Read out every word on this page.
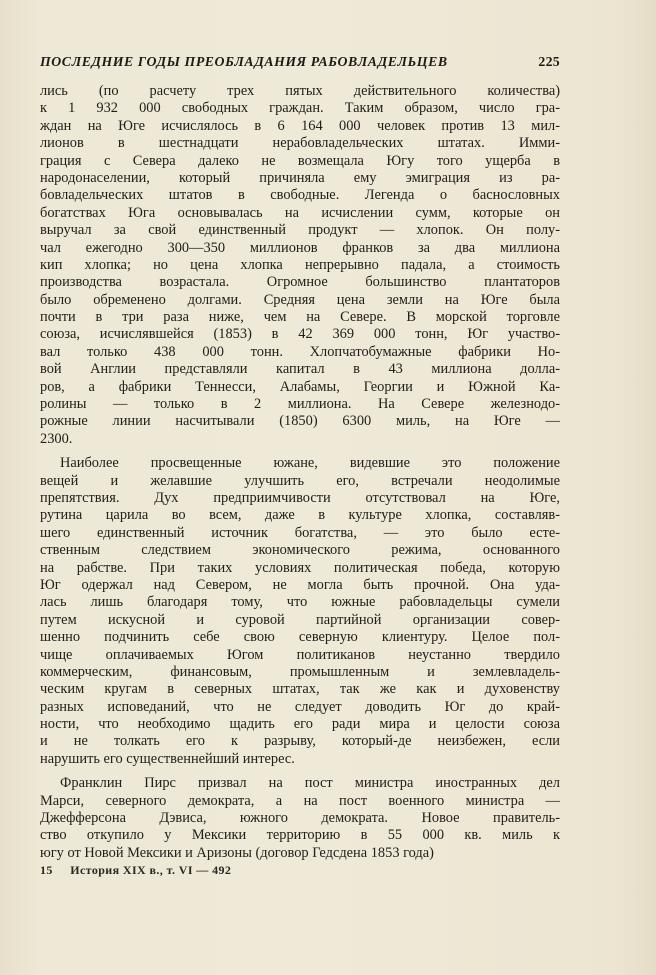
ПОСЛЕДНИЕ ГОДЫ ПРЕОБЛАДАНИЯ РАБОВЛАДЕЛЬЦЕВ	225
лись (по расчету трех пятых действительного количества)
к 1 932 000 свободных граждан. Таким образом, число гра-
ждан на Юге исчислялось в 6 164 000 человек против 13 мил-
лионов в шестнадцати нерабовладельческих штатах. Имми-
грация с Севера далеко не возмещала Югу того ущерба в
народонаселении, который причиняла ему эмиграция из ра-
бовладельческих штатов в свободные. Легенда о баснословных
богатствах Юга основывалась на исчислении сумм, которые он
выручал за свой единственный продукт — хлопок. Он полу-
чал ежегодно 300—350 миллионов франков за два миллиона
кип хлопка; но цена хлопка непрерывно падала, а стоимость
производства возрастала. Огромное большинство плантаторов
было обременено долгами. Средняя цена земли на Юге была
почти в три раза ниже, чем на Севере. В морской торговле
союза, исчислявшейся (1853) в 42 369 000 тонн, Юг участво-
вал только 438 000 тонн. Хлопчатобумажные фабрики Но-
вой Англии представляли капитал в 43 миллиона долла-
ров, а фабрики Теннесси, Алабамы, Георгии и Южной Ка-
ролины — только в 2 миллиона. На Севере железнодо-
рожные линии насчитывали (1850) 6300 миль, на Юге —
2300.
Наиболее просвещенные южане, видевшие это положение
вещей и желавшие улучшить его, встречали неодолимые
препятствия. Дух предприимчивости отсутствовал на Юге,
рутина царила во всем, даже в культуре хлопка, составляв-
шего единственный источник богатства, — это было есте-
ственным следствием экономического режима, основанного
на рабстве. При таких условиях политическая победа, которую
Юг одержал над Севером, не могла быть прочной. Она уда-
лась лишь благодаря тому, что южные рабовладельцы сумели
путем искусной и суровой партийной организации совер-
шенно подчинить себе свою северную клиентуру. Целое пол-
чище оплачиваемых Югом политиканов неустанно твердило
коммерческим, финансовым, промышленным и землевладель-
ческим кругам в северных штатах, так же как и духовенству
разных исповеданий, что не следует доводить Юг до край-
ности, что необходимо щадить его ради мира и целости союза
и не толкать его к разрыву, который-де неизбежен, если
нарушить его существеннейший интерес.
Франклин Пирс призвал на пост министра иностранных дел
Марси, северного демократа, а на пост военного министра —
Джефферсона Дэвиса, южного демократа. Новое правитель-
ство откупило у Мексики территорию в 55 000 кв. миль к
югу от Новой Мексики и Аризоны (договор Гедсдена 1853 года)
15 История XIX в., т. VI — 492
